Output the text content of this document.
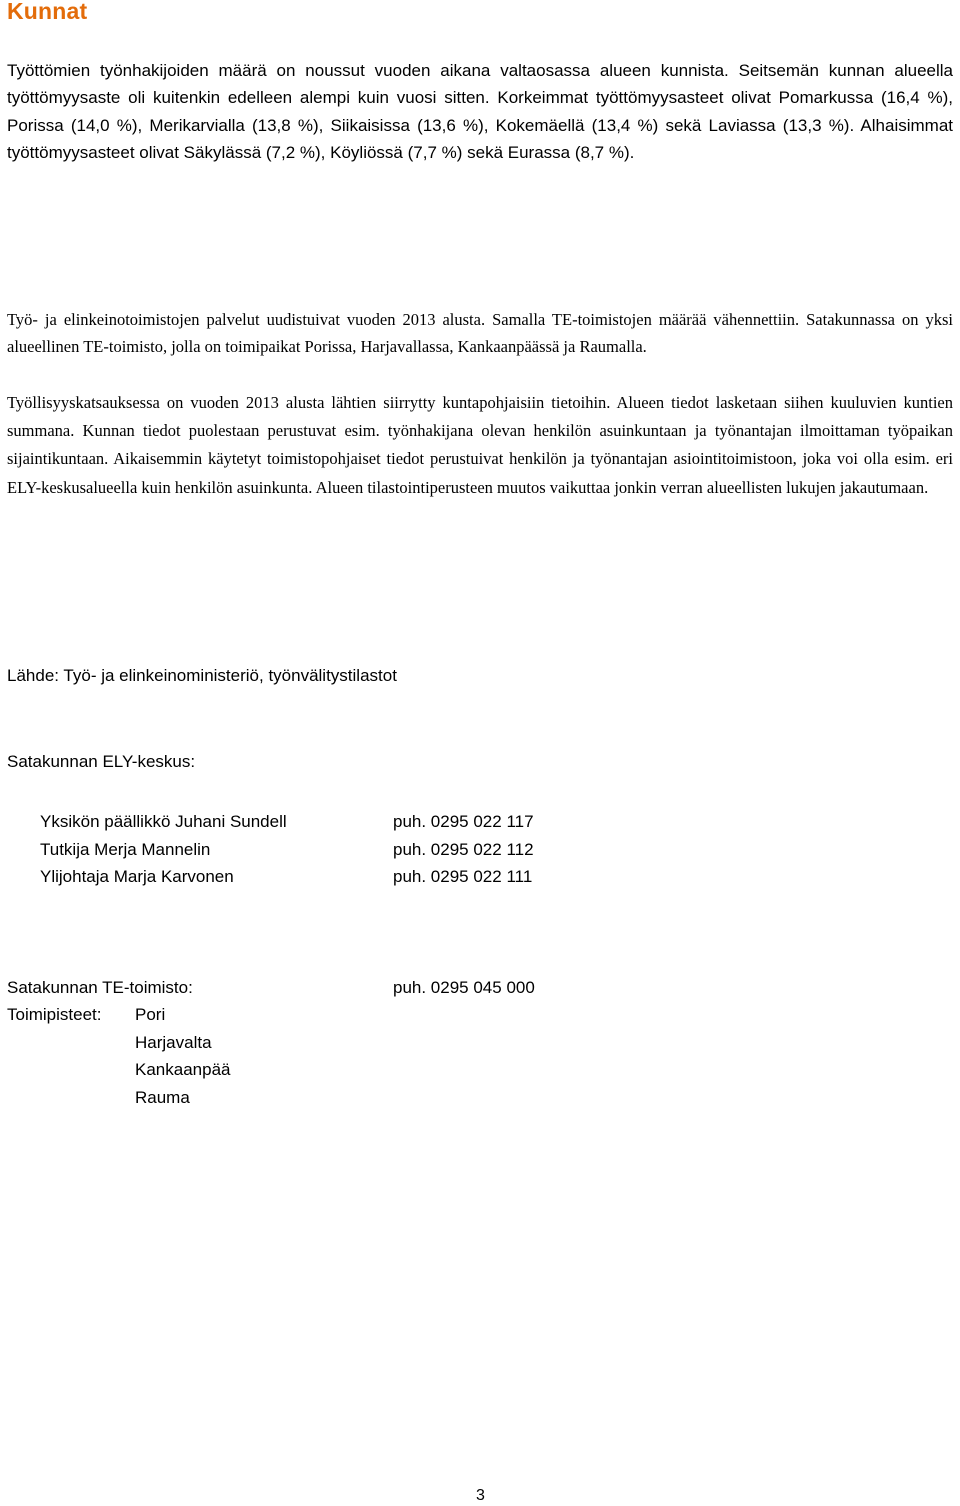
Kunnat
Työttömien työnhakijoiden määrä on noussut vuoden aikana valtaosassa alueen kunnista. Seitsemän kunnan alueella työttömyysaste oli kuitenkin edelleen alempi kuin vuosi sitten. Korkeimmat työttömyysasteet olivat Pomarkussa (16,4 %), Porissa (14,0 %), Merikarvialla (13,8 %), Siikaisissa (13,6 %), Kokemäellä (13,4 %) sekä Laviassa (13,3 %). Alhaisimmat työttömyysasteet olivat Säkylässä (7,2 %), Köyliössä (7,7 %) sekä Eurassa (8,7 %).
Työ- ja elinkeinotoimistojen palvelut uudistuivat vuoden 2013 alusta. Samalla TE-toimistojen määrää vähennettiin. Satakunnassa on yksi alueellinen TE-toimisto, jolla on toimipaikat Porissa, Harjavallassa, Kankaanpäässä ja Raumalla.
Työllisyyskatsauksessa on vuoden 2013 alusta lähtien siirrytty kuntapohjaisiin tietoihin. Alueen tiedot lasketaan siihen kuuluvien kuntien summana. Kunnan tiedot puolestaan perustuvat esim. työnhakijana olevan henkilön asuinkuntaan ja työnantajan ilmoittaman työpaikan sijaintikuntaan. Aikaisemmin käytetyt toimistopohjaiset tiedot perustuivat henkilön ja työnantajan asiointitoimistoon, joka voi olla esim. eri ELY-keskusalueella kuin henkilön asuinkunta. Alueen tilastointiperusteen muutos vaikuttaa jonkin verran alueellisten lukujen jakautumaan.
Lähde: Työ- ja elinkeinoministeriö, työnvälitystilastot
Satakunnan ELY-keskus:
Yksikön päällikkö Juhani Sundell	puh. 0295 022 117
Tutkija Merja Mannelin	puh. 0295 022 112
Ylijohtaja Marja Karvonen	puh. 0295 022 111
Satakunnan TE-toimisto:	puh. 0295 045 000
Toimipisteet: Pori
Harjavalta
Kankaanpää
Rauma
3
